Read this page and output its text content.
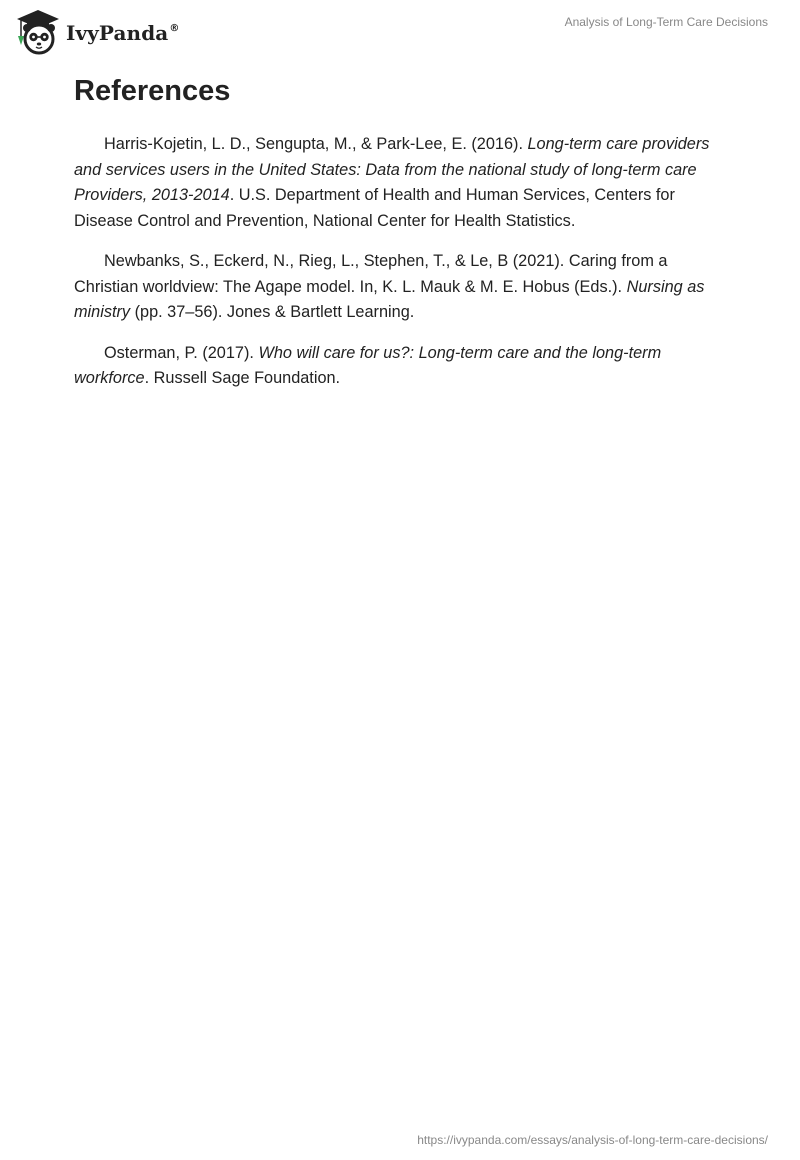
IvyPanda®	Analysis of Long-Term Care Decisions
References

Harris-Kojetin, L. D., Sengupta, M., & Park-Lee, E. (2016). Long-term care providers and services users in the United States: Data from the national study of long-term care Providers, 2013-2014. U.S. Department of Health and Human Services, Centers for Disease Control and Prevention, National Center for Health Statistics.

Newbanks, S., Eckerd, N., Rieg, L., Stephen, T., & Le, B (2021). Caring from a Christian worldview: The Agape model. In, K. L. Mauk & M. E. Hobus (Eds.). Nursing as ministry (pp. 37–56). Jones & Bartlett Learning.

Osterman, P. (2017). Who will care for us?: Long-term care and the long-term workforce. Russell Sage Foundation.

https://ivypanda.com/essays/analysis-of-long-term-care-decisions/
